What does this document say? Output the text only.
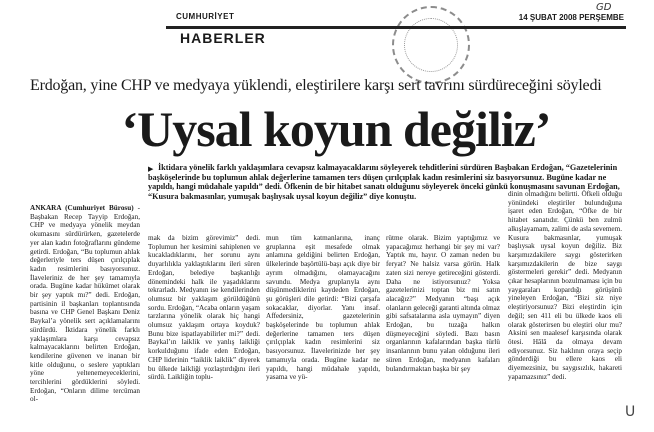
GD
CUMHURİYET	14 ŞUBAT 2008 PERŞEMBE
HABERLER
Erdoğan, yine CHP ve medyaya yüklendi, eleştirilere karşı sert tavrını sürdüreceğini söyledi
‘Uysal koyun değiliz’
▶ İktidara yönelik farklı yaklaşımlara cevapsız kalmayacaklarını söyleyerek tehditlerini sürdüren Başbakan Erdoğan, “Gazetelerinin başköşelerinde bu toplumun ahlak değerlerine tamamen ters düşen çırılçıplak kadın resimlerini siz basıyorsunuz. Bugüne kadar ne yapıldı, hangi müdahale yapıldı” dedi. Öfkenin de bir hitabet sanatı olduğunu söyleyerek önceki günkü konuşmasını savunan Erdoğan, “Kusura bakmasınlar, yumuşak başlıysak uysal koyun değiliz” diye konuştu.

ANKARA (Cumhuriyet Bürosu) - Başbakan Recep Tayyip Erdoğan, CHP ve medyaya yönelik meydan okumasını sürdürürken, gazetelerde yer alan kadın fotoğraflarını gündeme getirdi. Erdoğan, “Bu toplumun ahlak değerleriyle ters düşen çırılçıplak kadın resimlerini basıyorsunuz. İlaveleriniz de her şey tamamıyla orada. Bugüne kadar hükümet olarak bir şey yaptık mı?” dedi. Erdoğan, partisinin il başkanları toplantısında basına ve CHP Genel Başkanı Deniz Baykal’a yönelik sert açıklamalarını sürdürdü. İktidara yönelik farklı yaklaşımlara karşı cevapsız kalmayacaklarını belirten Erdoğan, kendilerine güvenen ve inanan bir kitle olduğunu, o seslere yaptıkları yöne yeltenemeyeceklerini, tercihlerini gördüklerini söyledi. Erdoğan, “Onların dilime tercüman ol-

mak da bizim görevimiz” dedi. Toplumun her kesimini sahiplenen ve kucakladıklarını, her sorunu aynı duyarlılıkla yaklaştıklarını ileri süren Erdoğan, belediye başkanlığı dönemindeki halk ile yaşadıklarını tekrarladı. Medyanın ise kendilerinden olumsuz bir yaklaşım görüldüğünü sordu. Erdoğan, “Acaba onların yaşam tarzlarına yönelik olarak hiç hangi olumsuz yaklaşım ortaya koyduk? Bunu bize ispatlayabilirler mi?” dedi. Baykal’ın laiklik ve yanlış laikliği korkulduğunu ifade eden Erdoğan, CHP liderinin “laiklik laiklik” diyerek bu ülkede laikliği yozlaştırdığını ileri sürdü. Laikliğin toplu-

mun tüm katmanlarına, inanç gruplarına eşit mesafede olmak anlamına geldiğini belirten Erdoğan, ülkelerinde başörtülü-başı açık diye bir ayrım olmadığını, olamayacağını savundu. Medya gruplarıyla aynı düşünmediklerini kaydeden Erdoğan, şu görüşleri dile getirdi: “Bizi çarşafa sokacaklar, diyorlar. Yanı insaf. Affedersiniz, gazetelerinin başköşelerinde bu toplumun ahlak değerlerine tamamen ters düşen çırılçıplak kadın resimlerini siz basıyorsunuz. İlavelerinizde her şey tamamıyla orada. Bugüne kadar ne yapıldı, hangi müdahale yapıldı, yasama ve yü-

rütme olarak. Bizim yaptığımız ve yapacağımız herhangi bir şey mi var? Yaptık mı, hayır. O zaman neden bu feryat? Ne halsiz varsa görün. Halk zaten sizi nereye getireceğini gösterdi. Daha ne istiyorsunuz? Yoksa gazetelerinizi toptan biz mi satın alacağız?” Medyanın “başı açık olanların geleceği garanti altında olmaz gibi safsatalarına asla uymayın” diyen Erdoğan, bu tuzağa halkın düşmeyeceğini söyledi. Bazı basın organlarının kafalarından başka türlü insanlarının bunu yalan olduğunu ileri süren Erdoğan, medyanın kafaları bulandırmaktan başka bir şey

dinin olmadığını belirtti. Öfkeli olduğu yönündeki eleştiriler bulunduğuna işaret eden Erdoğan, “Öfke de bir hitabet sanatıdır. Çünkü ben zulmü alkışlayamam, zalimi de asla sevemem. Kusura bakmasınlar, yumuşak başlıysak uysal koyun değiliz. Biz karşımızdakilere saygı gösterirken karşımızdakilerin de bize saygı göstermeleri gerekir” dedi. Medyanın çıkar hesaplarının bozulmaması için bu yaygaraları kopardığı görüşünü yineleyen Erdoğan, “Bizi siz niye eleştiriyorsunuz? Bizi eleştirdin için değil; sen 411 eli bu ülkede kaos eli olarak gösterirsen bu eleştiri olur mu? Aksini sen maalesef karşısında olarak ötesi. Hâlâ da olmaya devam ediyorsunuz. Siz haklının oraya seçip gönderdiği bu ellere kaos eli diyemezsiniz, bu saygısızlık, hakareti yapamazsınız” dedi.

U
